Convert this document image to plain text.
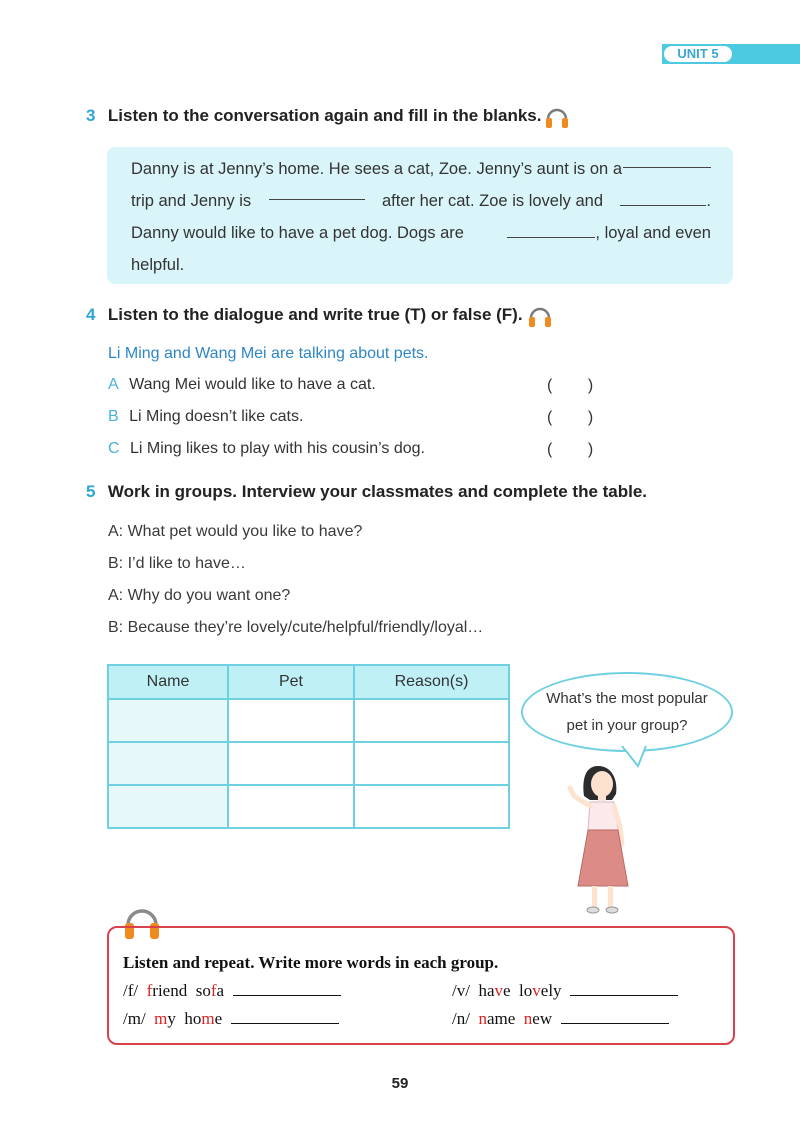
UNIT 5
3 Listen to the conversation again and fill in the blanks.
Danny is at Jenny’s home. He sees a cat, Zoe. Jenny’s aunt is on a
trip and Jenny is	after her cat. Zoe is lovely and	.
Danny would like to have a pet dog. Dogs are	, loyal and even
helpful.
4 Listen to the dialogue and write true (T) or false (F).
Li Ming and Wang Mei are talking about pets.
A Wang Mei would like to have a cat.	(        )
B Li Ming doesn’t like cats.	(        )
C Li Ming likes to play with his cousin’s dog.	(        )
5 Work in groups. Interview your classmates and complete the table.
A: What pet would you like to have?
B: I’d like to have…
A: Why do you want one?
B: Because they’re lovely/cute/helpful/friendly/loyal…
Name	Pet	Reason(s)

What’s the most popular
pet in your group?
Listen and repeat. Write more words in each group.
/f/ friend sofa	/v/ have lovely
/m/ my home	/n/ name new
59
